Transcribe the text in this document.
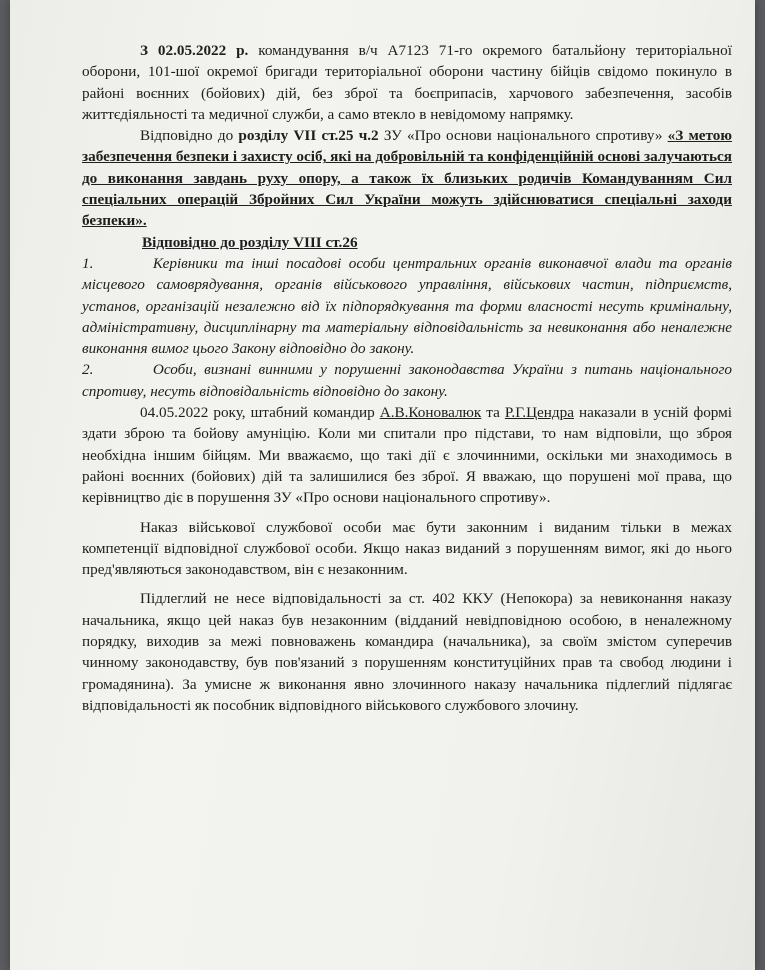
З 02.05.2022 р. командування в/ч А7123 71-го окремого батальйону територіальної оборони, 101-шої окремої бригади територіальної оборони частину бійців свідомо покинуло в районі воєнних (бойових) дій, без зброї та боєприпасів, харчового забезпечення, засобів життєдіяльності та медичної служби, а само втекло в невідомому напрямку.

Відповідно до розділу VII ст.25 ч.2 ЗУ «Про основи національного спротиву» «З метою забезпечення безпеки і захисту осіб, які на добровільній та конфіденційній основі залучаються до виконання завдань руху опору, а також їх близьких родичів Командуванням Сил спеціальних операцій Збройних Сил України можуть здійснюватися спеціальні заходи безпеки».

Відповідно до розділу VIII ст.26

1.	Керівники та інші посадові особи центральних органів виконавчої влади та органів місцевого самоврядування, органів військового управління, військових частин, підприємств, установ, організацій незалежно від їх підпорядкування та форми власності несуть кримінальну, адміністративну, дисциплінарну та матеріальну відповідальність за невиконання або неналежне виконання вимог цього Закону відповідно до закону.

2.	Особи, визнані винними у порушенні законодавства України з питань національного спротиву, несуть відповідальність відповідно до закону.

04.05.2022 року, штабний командир А.В.Коновалюк та Р.Г.Цендра наказали в усній формі здати зброю та бойову амуніцію. Коли ми спитали про підстави, то нам відповіли, що зброя необхідна іншим бійцям. Ми вважаємо, що такі дії є злочинними, оскільки ми знаходимось в районі воєнних (бойових) дій та залишилися без зброї. Я вважаю, що порушені мої права, що керівництво діє в порушення ЗУ «Про основи національного спротиву».

Наказ військової службової особи має бути законним і виданим тільки в межах компетенції відповідної службової особи. Якщо наказ виданий з порушенням вимог, які до нього пред'являються законодавством, він є незаконним.

Підлеглий не несе відповідальності за ст. 402 ККУ (Непокора) за невиконання наказу начальника, якщо цей наказ був незаконним (відданий невідповідною особою, в неналежному порядку, виходив за межі повноважень командира (начальника), за своїм змістом суперечив чинному законодавству, був пов'язаний з порушенням конституційних прав та свобод людини і громадянина). За умисне ж виконання явно злочинного наказу начальника підлеглий підлягає відповідальності як пособник відповідного військового службового злочину.
